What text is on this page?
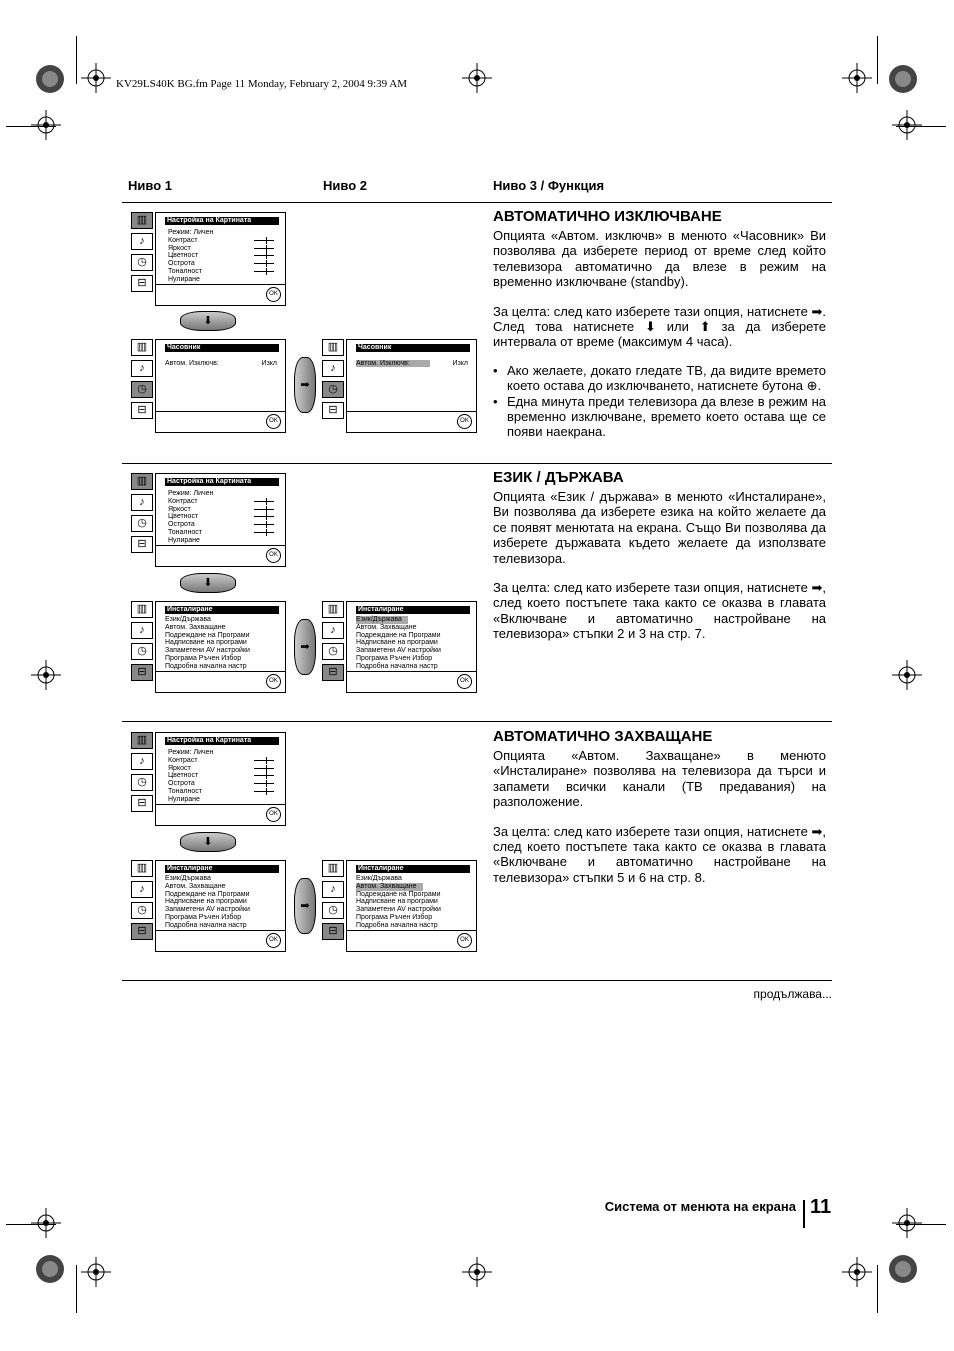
KV29LS40K BG.fm Page 11 Monday, February 2, 2004 9:39 AM
Ниво 1	Ниво 2	Ниво 3 / Функция
▥
♪
◷
⊟
Настройка на Картината
Режим: Личен
Контраст
Яркост
Цветност
Острота
Тоналност
Нулиране
OK
⬇
▥
♪
◷
⊟
Часовник
Автом. Изключв:	Изкл
OK
➡
▥
♪
◷
⊟
Часовник
Автом. Изключв:	Изкл
OK
АВТОМАТИЧНО ИЗКЛЮЧВАНЕ

Опцията «Автом. изключв» в менюто «Часовник» Ви позволява да изберете период от време след който телевизора автоматично да влезе в режим на временно изключване (standby).

За целта: след като изберете тази опция, натиснете ➡. След това натиснете ⬇ или ⬆ за да изберете интервала от време (максимум 4 часа).

• Ако желаете, докато гледате ТВ, да видите времето което остава до изключването, натиснете бутона ⊕.
• Една минута преди телевизора да влезе в режим на временно изключване, времето което остава ще се появи наекрана.
▥
♪
◷
⊟
Настройка на Картината
Режим: Личен
Контраст
Яркост
Цветност
Острота
Тоналност
Нулиране
OK
⬇
▥
♪
◷
⊟
Инсталиране
Език/Държава
Автом. Захващане
Подреждане на Програми
Надписване на програми
Запаметени AV настройки
Програма Ръчен Избор
Подробна начална настр
OK
➡
▥
♪
◷
⊟
Инсталиране
Език/Държава
Автом. Захващане
Подреждане на Програми
Надписване на програми
Запаметени AV настройки
Програма Ръчен Избор
Подробна начална настр
OK
ЕЗИК / ДЪРЖАВА

Опцията «Език / държава» в менюто «Инсталиране», Ви позволява да изберете езика на който желаете да се появят менютата на екрана. Също Ви позволява да изберете държавата където желаете да използвате телевизора.

За целта: след като изберете тази опция, натиснете ➡, след което постъпете така както се оказва в главата «Включване и автоматично настройване на телевизора» стъпки 2 и 3 на стр. 7.

▥
♪
◷
⊟
Настройка на Картината
Режим: Личен
Контраст
Яркост
Цветност
Острота
Тоналност
Нулиране
OK
⬇
▥
♪
◷
⊟
Инсталиране
Език/Държава
Автом. Захващане
Подреждане на Програми
Надписване на програми
Запаметени AV настройки
Програма Ръчен Избор
Подробна начална настр
OK
➡
▥
♪
◷
⊟
Инсталиране
Език/Държава
Автом. Захващане
Подреждане на Програми
Надписване на програми
Запаметени AV настройки
Програма Ръчен Избор
Подробна начална настр
OK
АВТОМАТИЧНО ЗАХВАЩАНЕ

Опцията «Автом. Захващане» в менюто «Инсталиране» позволява на телевизора да търси и запамети всички канали (ТВ предавания) на разположение.

За целта: след като изберете тази опция, натиснете ➡, след което постъпете така както се оказва в главата «Включване и автоматично настройване на телевизора» стъпки 5 и 6 на стр. 8.

продължава...
Система от менюта на екрана 11
